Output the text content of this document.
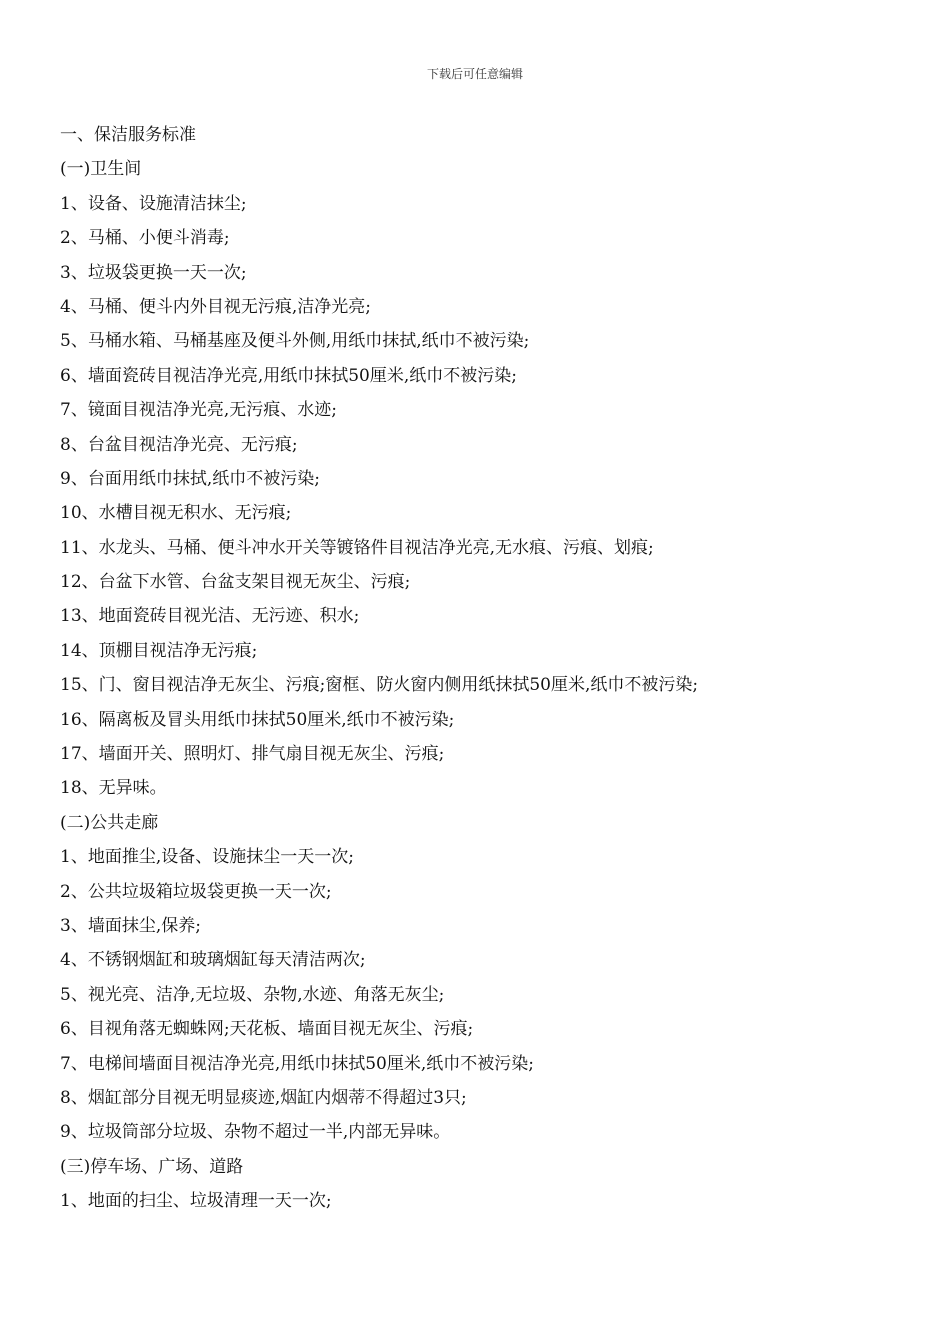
下载后可任意编辑
一、保洁服务标准
(一)卫生间
1、设备、设施清洁抹尘;
2、马桶、小便斗消毒;
3、垃圾袋更换一天一次;
4、马桶、便斗内外目视无污痕,洁净光亮;
5、马桶水箱、马桶基座及便斗外侧,用纸巾抹拭,纸巾不被污染;
6、墙面瓷砖目视洁净光亮,用纸巾抹拭50厘米,纸巾不被污染;
7、镜面目视洁净光亮,无污痕、水迹;
8、台盆目视洁净光亮、无污痕;
9、台面用纸巾抹拭,纸巾不被污染;
10、水槽目视无积水、无污痕;
11、水龙头、马桶、便斗冲水开关等镀铬件目视洁净光亮,无水痕、污痕、划痕;
12、台盆下水管、台盆支架目视无灰尘、污痕;
13、地面瓷砖目视光洁、无污迹、积水;
14、顶棚目视洁净无污痕;
15、门、窗目视洁净无灰尘、污痕;窗框、防火窗内侧用纸抹拭50厘米,纸巾不被污染;
16、隔离板及冒头用纸巾抹拭50厘米,纸巾不被污染;
17、墙面开关、照明灯、排气扇目视无灰尘、污痕;
18、无异味。
(二)公共走廊
1、地面推尘,设备、设施抹尘一天一次;
2、公共垃圾箱垃圾袋更换一天一次;
3、墙面抹尘,保养;
4、不锈钢烟缸和玻璃烟缸每天清洁两次;
5、视光亮、洁净,无垃圾、杂物,水迹、角落无灰尘;
6、目视角落无蜘蛛网;天花板、墙面目视无灰尘、污痕;
7、电梯间墙面目视洁净光亮,用纸巾抹拭50厘米,纸巾不被污染;
8、烟缸部分目视无明显痰迹,烟缸内烟蒂不得超过3只;
9、垃圾筒部分垃圾、杂物不超过一半,内部无异味。
(三)停车场、广场、道路
1、地面的扫尘、垃圾清理一天一次;
